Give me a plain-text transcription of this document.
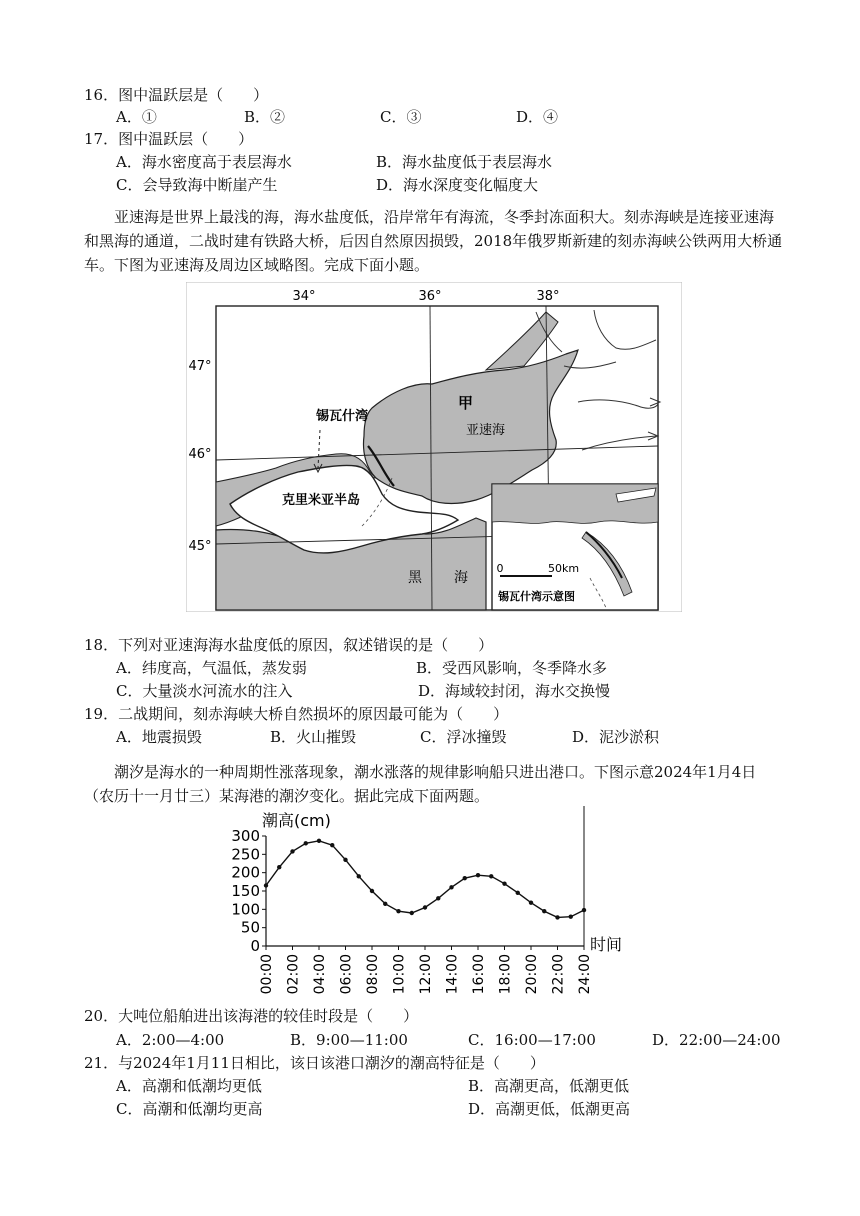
16．图中温跃层是（　　）
A．①	B．②	C．③	D．④
17．图中温跃层（　　）
A．海水密度高于表层海水	B．海水盐度低于表层海水
C．会导致海中断崖产生	D．海水深度变化幅度大
亚速海是世界上最浅的海，海水盐度低，沿岸常年有海流，冬季封冻面积大。刻赤海峡是连接亚速海和黑海的通道，二战时建有铁路大桥，后因自然原因损毁，2018年俄罗斯新建的刻赤海峡公铁两用大桥通车。下图为亚速海及周边区域略图。完成下面小题。
34°	36°	38°
47°
46°
45°
甲
亚速海
锡瓦什湾
克里米亚半岛
黑 海
0	50km
锡瓦什湾示意图
18．下列对亚速海海水盐度低的原因，叙述错误的是（　　）
A．纬度高，气温低，蒸发弱	B．受西风影响，冬季降水多
C．大量淡水河流水的注入	D．海域较封闭，海水交换慢
19．二战期间，刻赤海峡大桥自然损坏的原因最可能为（　　）
A．地震损毁	B．火山摧毁	C．浮冰撞毁	D．泥沙淤积
潮汐是海水的一种周期性涨落现象，潮水涨落的规律影响船只进出港口。下图示意2024年1月4日（农历十一月廿三）某海港的潮汐变化。据此完成下面两题。
潮高(cm)
时间
0
50
100
150
200
250
300
00:00 02:00 04:00 06:00 08:00 10:00 12:00 14:00 16:00 18:00 20:00 22:00 24:00
20．大吨位船舶进出该海港的较佳时段是（　　）
A．2:00—4:00	B．9:00—11:00	C．16:00—17:00	D．22:00—24:00
21．与2024年1月11日相比，该日该港口潮汐的潮高特征是（　　）
A．高潮和低潮均更低	B．高潮更高，低潮更低
C．高潮和低潮均更高	D．高潮更低，低潮更高
